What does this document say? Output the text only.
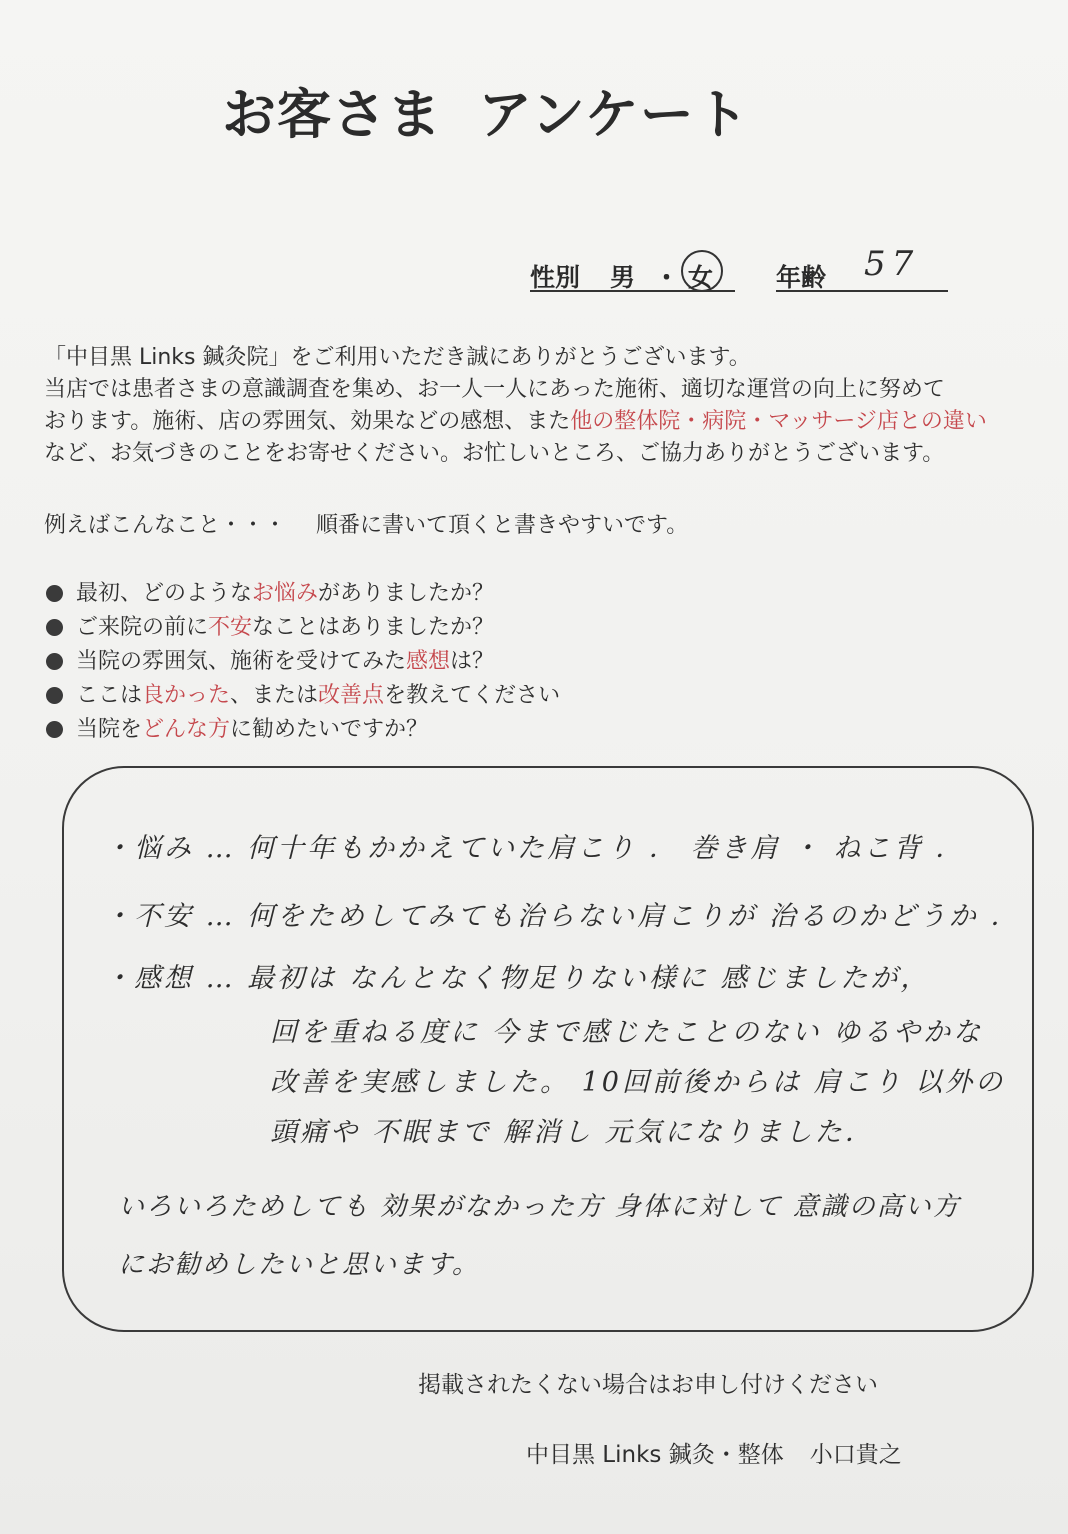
お客さま アンケート
性別 男 ・ 女	年齢 57

「中目黒 Links 鍼灸院」をご利用いただき誠にありがとうございます。

当店では患者さまの意識調査を集め、お一人一人にあった施術、適切な運営の向上に努めて

おります。施術、店の雰囲気、効果などの感想、また他の整体院・病院・マッサージ店との違い

など、お気づきのことをお寄せください。お忙しいところ、ご協力ありがとうございます。

例えばこんなこと・・・ 順番に書いて頂くと書きやすいです。
最初、どのようなお悩みがありましたか？
ご来院の前に不安なことはありましたか？
当院の雰囲気、施術を受けてみた感想は？
ここは良かった、または改善点を教えてください
当院をどんな方に勧めたいですか？
・悩み … 何十年もかかえていた肩こり ． 巻き肩 ・ ねこ背 ．
・不安 … 何をためしてみても治らない肩こりが 治るのかどうか ．
・感想 … 最初は なんとなく物足りない様に 感じましたが，
回を重ねる度に 今まで感じたことのない ゆるやかな
改善を実感しました。 10回前後からは 肩こり 以外の
頭痛や 不眠まで 解消し 元気になりました．
いろいろためしても 効果がなかった方 身体に対して 意識の高い方
にお勧めしたいと思います。
掲載されたくない場合はお申し付けください
中目黒 Links 鍼灸・整体 小口貴之
